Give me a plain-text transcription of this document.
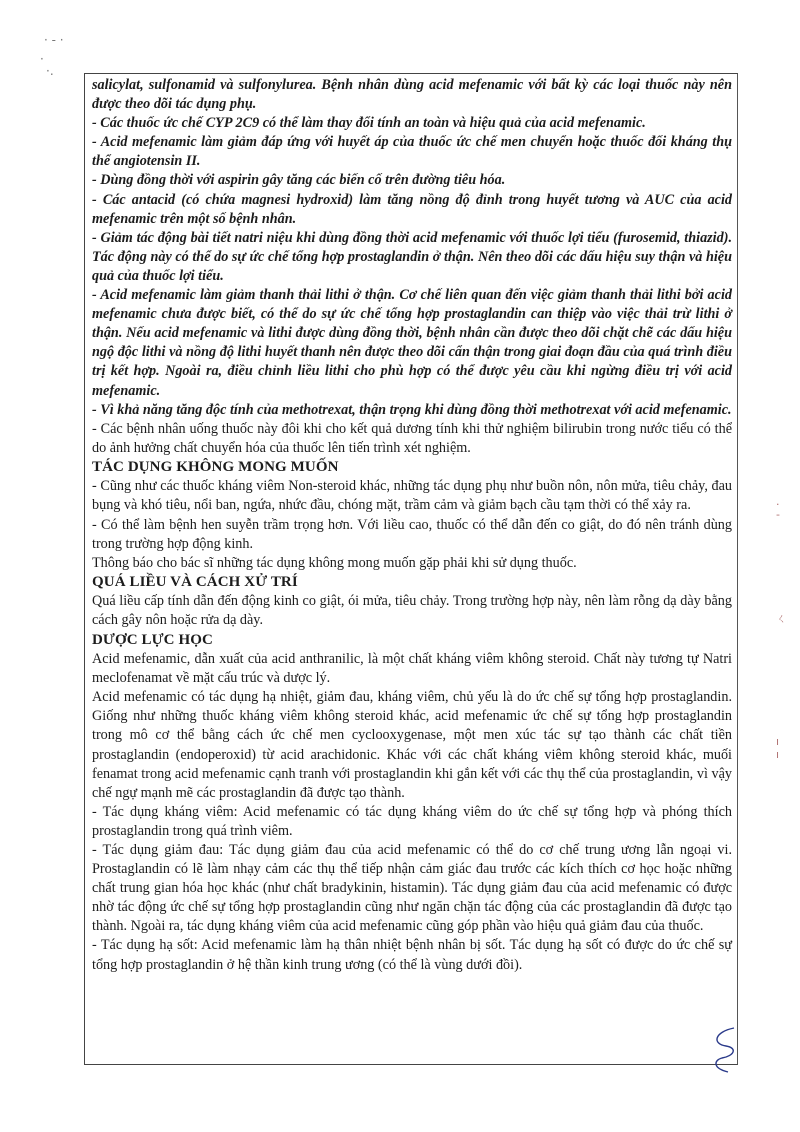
· ‐ ·
·
·.

salicylat, sulfonamid và sulfonylurea. Bệnh nhân dùng acid mefenamic với bất kỳ các loại thuốc này nên được theo dõi tác dụng phụ.

- Các thuốc ức chế CYP 2C9 có thể làm thay đổi tính an toàn và hiệu quả của acid mefenamic.

- Acid mefenamic làm giảm đáp ứng với huyết áp của thuốc ức chế men chuyển hoặc thuốc đối kháng thụ thể angiotensin II.

- Dùng đồng thời với aspirin gây tăng các biến cố trên đường tiêu hóa.

- Các antacid (có chứa magnesi hydroxid) làm tăng nồng độ đỉnh trong huyết tương và AUC của acid mefenamic trên một số bệnh nhân.

- Giảm tác động bài tiết natri niệu khi dùng đồng thời acid mefenamic với thuốc lợi tiểu (furosemid, thiazid). Tác động này có thể do sự ức chế tổng hợp prostaglandin ở thận. Nên theo dõi các dấu hiệu suy thận và hiệu quả của thuốc lợi tiểu.

- Acid mefenamic làm giảm thanh thải lithi ở thận. Cơ chế liên quan đến việc giảm thanh thải lithi bởi acid mefenamic chưa được biết, có thể do sự ức chế tổng hợp prostaglandin can thiệp vào việc thải trừ lithi ở thận. Nếu acid mefenamic và lithi được dùng đồng thời, bệnh nhân cần được theo dõi chặt chẽ các dấu hiệu ngộ độc lithi và nồng độ lithi huyết thanh nên được theo dõi cẩn thận trong giai đoạn đầu của quá trình điều trị kết hợp. Ngoài ra, điều chỉnh liều lithi cho phù hợp có thể được yêu cầu khi ngừng điều trị với acid mefenamic.

- Vì khả năng tăng độc tính của methotrexat, thận trọng khi dùng đồng thời methotrexat với acid mefenamic.

- Các bệnh nhân uống thuốc này đôi khi cho kết quả dương tính khi thử nghiệm bilirubin trong nước tiểu có thể do ảnh hưởng chất chuyển hóa của thuốc lên tiến trình xét nghiệm.

TÁC DỤNG KHÔNG MONG MUỐN

- Cũng như các thuốc kháng viêm Non-steroid khác, những tác dụng phụ như buồn nôn, nôn mửa, tiêu chảy, đau bụng và khó tiêu, nổi ban, ngứa, nhức đầu, chóng mặt, trầm cảm và giảm bạch cầu tạm thời có thể xảy ra.

- Có thể làm bệnh hen suyễn trầm trọng hơn. Với liều cao, thuốc có thể dẫn đến co giật, do đó nên tránh dùng trong trường hợp động kinh.

Thông báo cho bác sĩ những tác dụng không mong muốn gặp phải khi sử dụng thuốc.

QUÁ LIỀU VÀ CÁCH XỬ TRÍ

Quá liều cấp tính dẫn đến động kinh co giật, ói mửa, tiêu chảy. Trong trường hợp này, nên làm rỗng dạ dày bằng cách gây nôn hoặc rửa dạ dày.

DƯỢC LỰC HỌC

Acid mefenamic, dẫn xuất của acid anthranilic, là một chất kháng viêm không steroid. Chất này tương tự Natri meclofenamat về mặt cấu trúc và dược lý.

Acid mefenamic có tác dụng hạ nhiệt, giảm đau, kháng viêm, chủ yếu là do ức chế sự tổng hợp prostaglandin. Giống như những thuốc kháng viêm không steroid khác, acid mefenamic ức chế sự tổng hợp prostaglandin trong mô cơ thể bằng cách ức chế men cyclooxygenase, một men xúc tác sự tạo thành các chất tiền prostaglandin (endoperoxid) từ acid arachidonic. Khác với các chất kháng viêm không steroid khác, muối fenamat trong acid mefenamic cạnh tranh với prostaglandin khi gắn kết với các thụ thể của prostaglandin, vì vậy chế ngự mạnh mẽ các prostaglandin đã được tạo thành.

- Tác dụng kháng viêm: Acid mefenamic có tác dụng kháng viêm do ức chế sự tổng hợp và phóng thích prostaglandin trong quá trình viêm.

- Tác dụng giảm đau: Tác dụng giảm đau của acid mefenamic có thể do cơ chế trung ương lẫn ngoại vi. Prostaglandin có lẽ làm nhạy cảm các thụ thể tiếp nhận cảm giác đau trước các kích thích cơ học hoặc những chất trung gian hóa học khác (như chất bradykinin, histamin). Tác dụng giảm đau của acid mefenamic có được nhờ tác động ức chế sự tổng hợp prostaglandin cũng như ngăn chặn tác động của các prostaglandin đã được tạo thành. Ngoài ra, tác dụng kháng viêm của acid mefenamic cũng góp phần vào hiệu quả giảm đau của thuốc.

- Tác dụng hạ sốt: Acid mefenamic làm hạ thân nhiệt bệnh nhân bị sốt. Tác dụng hạ sốt có được do ức chế sự tổng hợp prostaglandin ở hệ thần kinh trung ương (có thể là vùng dưới đồi).

.
‐
ㄑ
ı
ı
